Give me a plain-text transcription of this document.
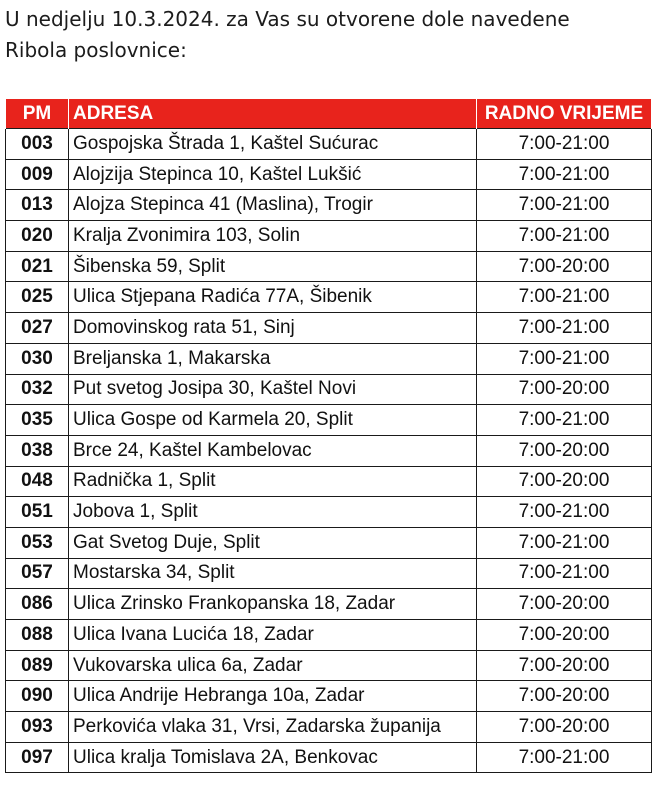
U nedjelju 10.3.2024. za Vas su otvorene dole navedene
Ribola poslovnice:
PM	ADRESA	RADNO VRIJEME
003	Gospojska Štrada 1, Kaštel Sućurac	7:00-21:00
009	Alojzija Stepinca 10, Kaštel Lukšić	7:00-21:00
013	Alojza Stepinca 41 (Maslina), Trogir	7:00-21:00
020	Kralja Zvonimira 103, Solin	7:00-21:00
021	Šibenska 59, Split	7:00-20:00
025	Ulica Stjepana Radića 77A, Šibenik	7:00-21:00
027	Domovinskog rata 51, Sinj	7:00-21:00
030	Breljanska 1, Makarska	7:00-21:00
032	Put svetog Josipa 30, Kaštel Novi	7:00-20:00
035	Ulica Gospe od Karmela 20, Split	7:00-21:00
038	Brce 24, Kaštel Kambelovac	7:00-20:00
048	Radnička 1, Split	7:00-20:00
051	Jobova 1, Split	7:00-21:00
053	Gat Svetog Duje, Split	7:00-21:00
057	Mostarska 34, Split	7:00-21:00
086	Ulica Zrinsko Frankopanska 18, Zadar	7:00-20:00
088	Ulica Ivana Lucića 18, Zadar	7:00-20:00
089	Vukovarska ulica 6a, Zadar	7:00-20:00
090	Ulica Andrije Hebranga 10a, Zadar	7:00-20:00
093	Perkovića vlaka 31, Vrsi, Zadarska županija	7:00-20:00
097	Ulica kralja Tomislava 2A, Benkovac	7:00-21:00
